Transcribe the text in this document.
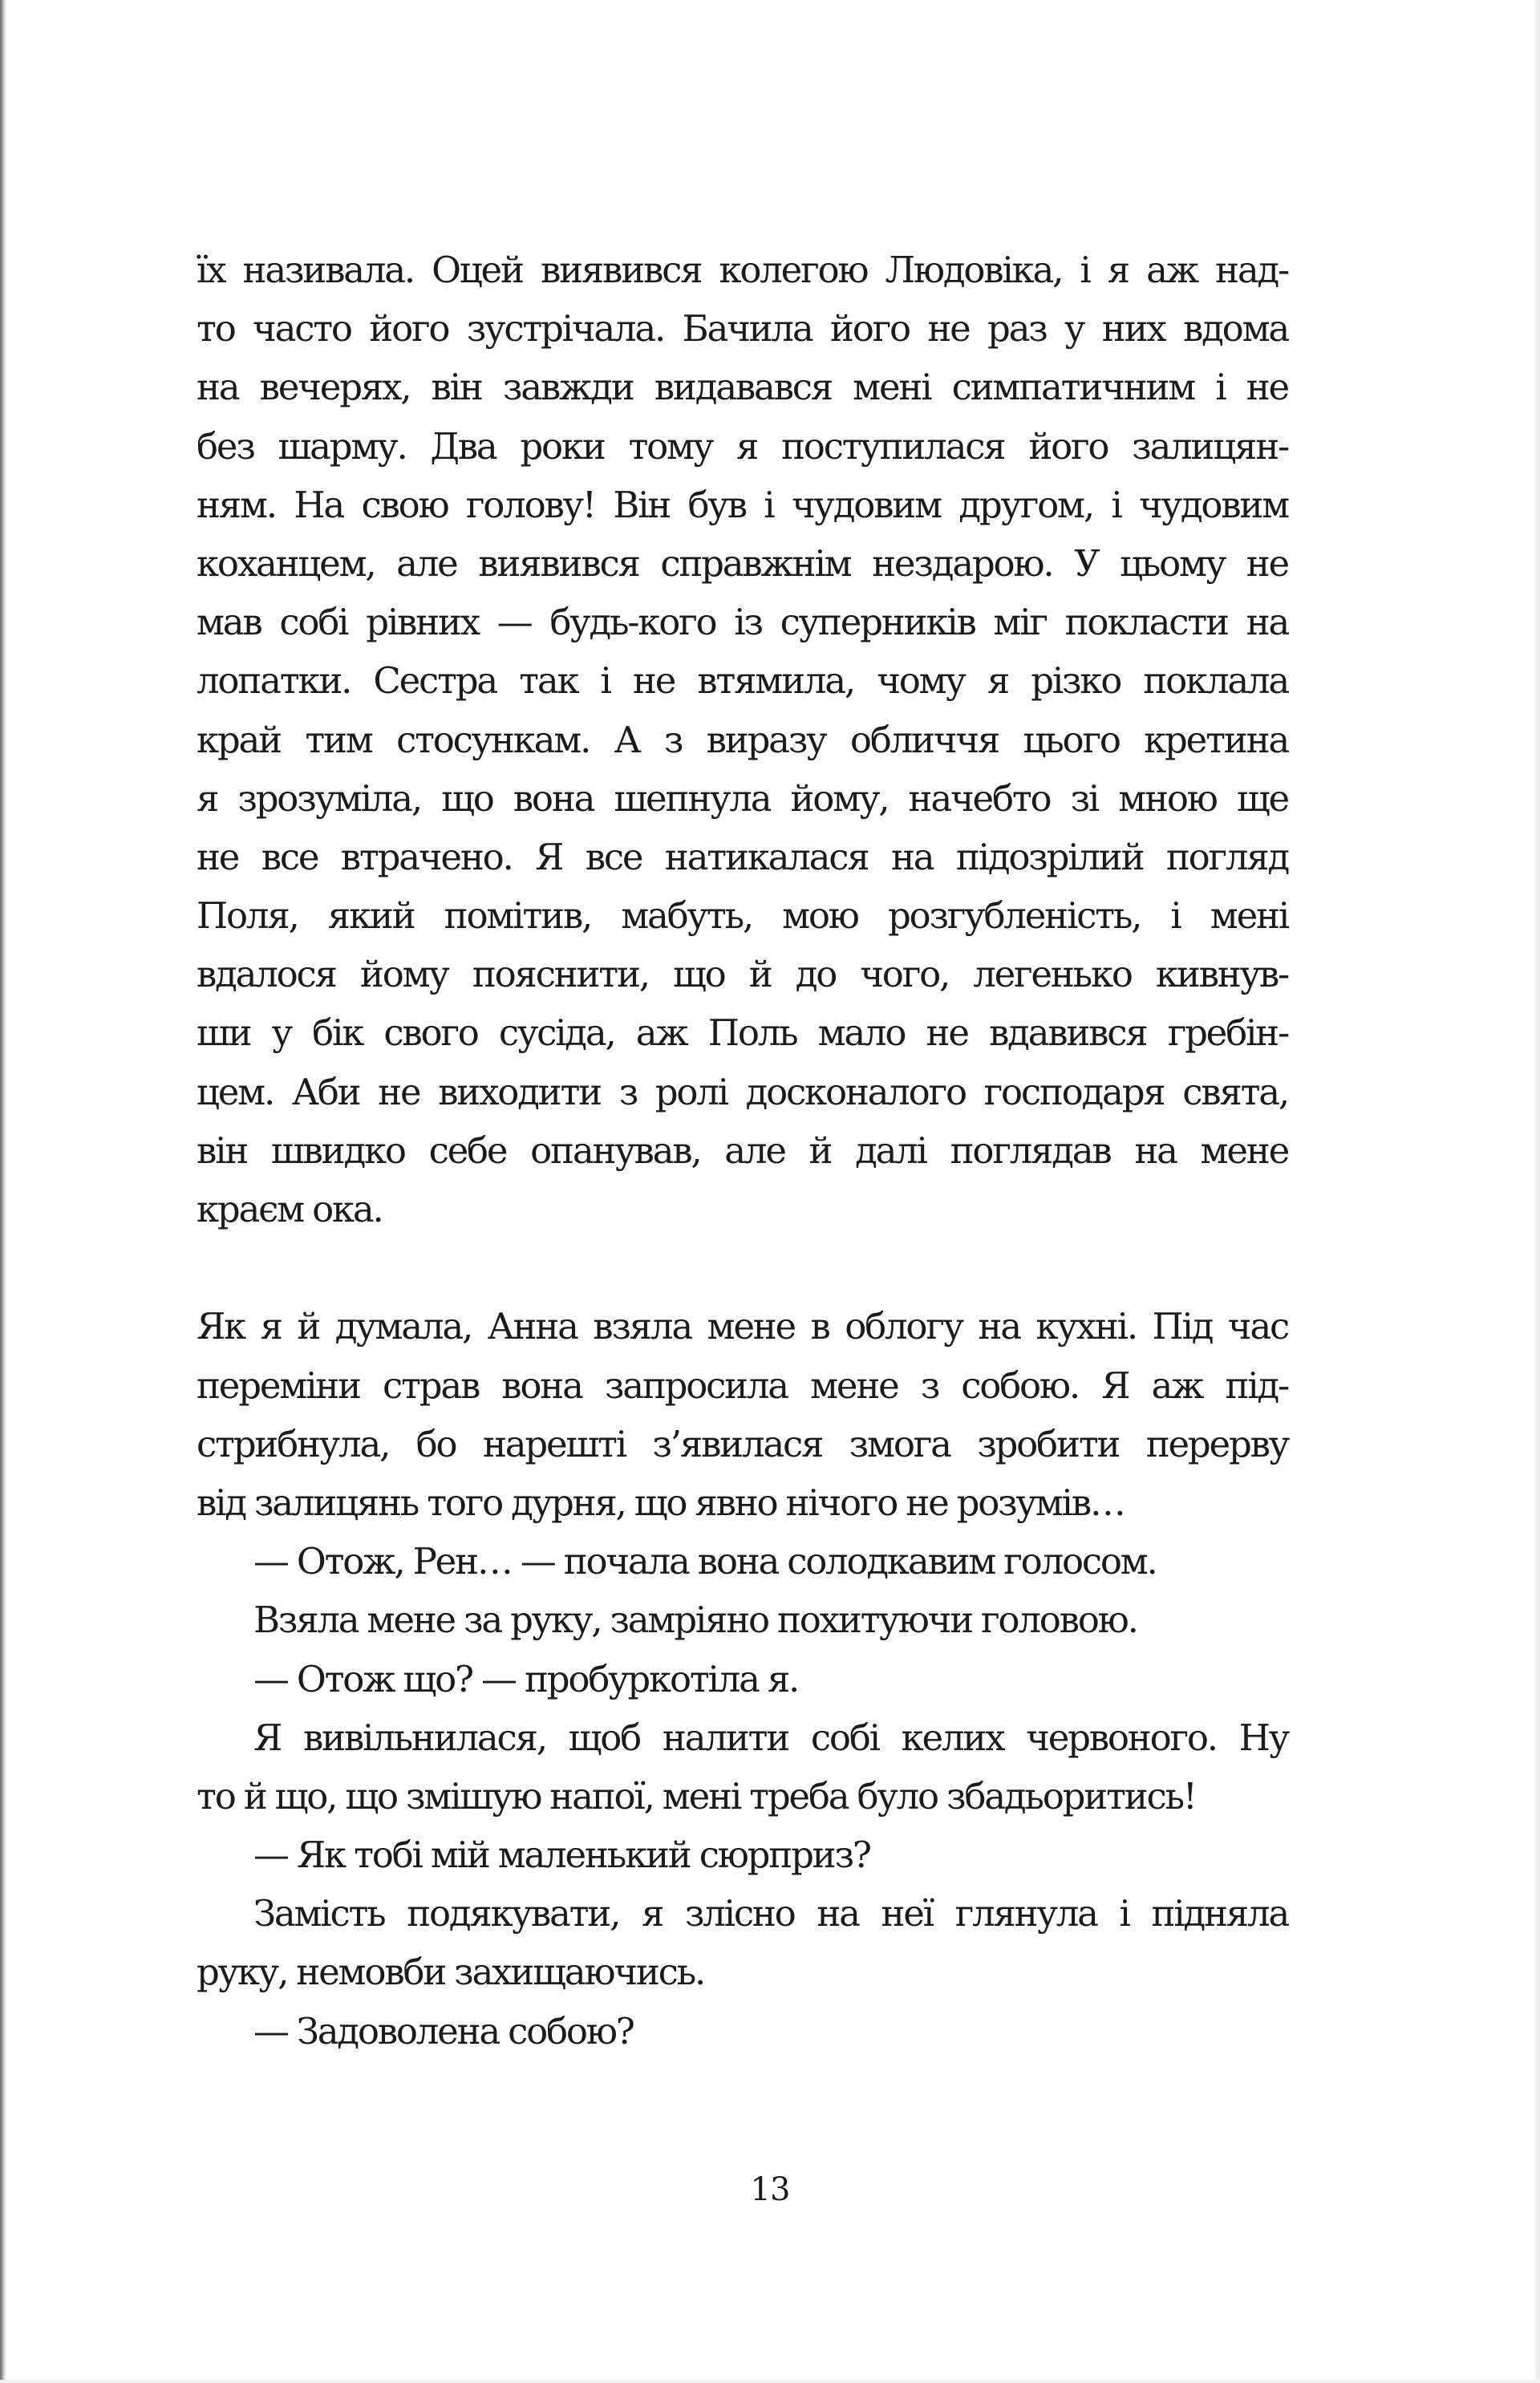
їх називала. Оцей виявився колегою Людовіка, і я аж над-
то часто його зустрічала. Бачила його не раз у них вдома
на вечерях, він завжди видавався мені симпатичним і не
без шарму. Два роки тому я поступилася його залицян-
ням. На свою голову! Він був і чудовим другом, і чудовим
коханцем, але виявився справжнім нездарою. У цьому не
мав собі рівних — будь-кого із суперників міг покласти на
лопатки. Сестра так і не втямила, чому я різко поклала
край тим стосункам. А з виразу обличчя цього кретина
я зрозуміла, що вона шепнула йому, начебто зі мною ще
не все втрачено. Я все натикалася на підозрілий погляд
Поля, який помітив, мабуть, мою розгубленість, і мені
вдалося йому пояснити, що й до чого, легенько кивнув-
ши у бік свого сусіда, аж Поль мало не вдавився гребін-
цем. Аби не виходити з ролі досконалого господаря свята,
він швидко себе опанував, але й далі поглядав на мене
краєм ока.
Як я й думала, Анна взяла мене в облогу на кухні. Під час
переміни страв вона запросила мене з собою. Я аж під-
стрибнула, бо нарешті з’явилася змога зробити перерву
від залицянь того дурня, що явно нічого не розумів…
— Отож, Рен… — почала вона солодкавим голосом.
Взяла мене за руку, замріяно похитуючи головою.
— Отож що? — пробуркотіла я.
Я вивільнилася, щоб налити собі келих червоного. Ну
то й що, що змішую напої, мені треба було збадьоритись!
— Як тобі мій маленький сюрприз?
Замість подякувати, я злісно на неї глянула і підняла
руку, немовби захищаючись.
— Задоволена собою?
13
